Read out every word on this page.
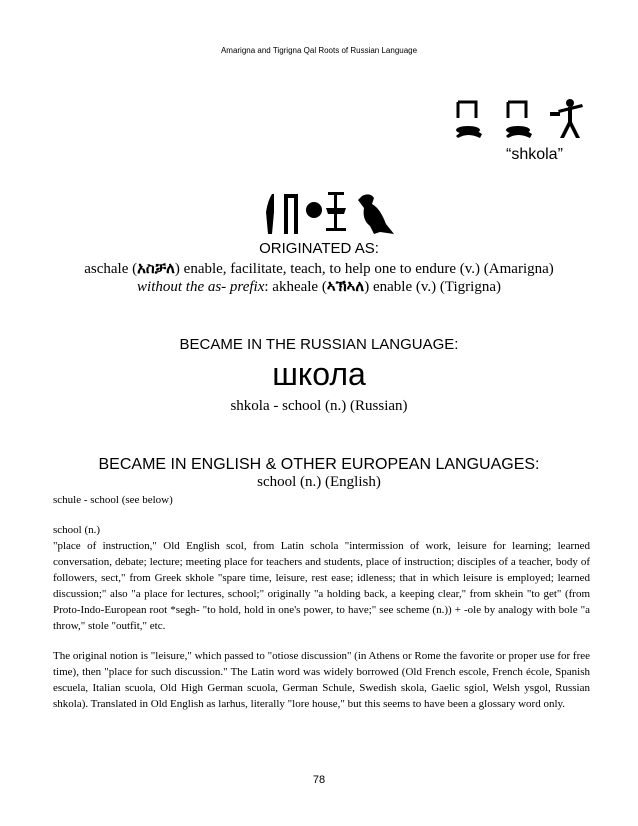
Amarigna and Tigrigna Qal Roots of Russian Language
“shkola”
ORIGINATED AS:
aschale (አስቻለ) enable, facilitate, teach, to help one to endure (v.) (Amarigna)
without the as- prefix: akheale (ኣኽኣለ) enable (v.) (Tigrigna)
BECAME IN THE RUSSIAN LANGUAGE:
школа
shkola - school (n.) (Russian)
BECAME IN ENGLISH & OTHER EUROPEAN LANGUAGES:
school (n.) (English)

schule - school (see below)

school (n.)

"place of instruction," Old English scol, from Latin schola "intermission of work, leisure for learning; learned conversation, debate; lecture; meeting place for teachers and students, place of instruction; disciples of a teacher, body of followers, sect," from Greek skhole "spare time, leisure, rest ease; idleness; that in which leisure is employed; learned discussion;" also "a place for lectures, school;" originally "a holding back, a keeping clear," from skhein "to get" (from Proto-Indo-European root *segh- "to hold, hold in one's power, to have;" see scheme (n.)) + -ole by analogy with bole "a throw," stole "outfit," etc.

The original notion is "leisure," which passed to "otiose discussion" (in Athens or Rome the favorite or proper use for free time), then "place for such discussion." The Latin word was widely borrowed (Old French escole, French école, Spanish escuela, Italian scuola, Old High German scuola, German Schule, Swedish skola, Gaelic sgiol, Welsh ysgol, Russian shkola). Translated in Old English as larhus, literally "lore house," but this seems to have been a glossary word only.

78
